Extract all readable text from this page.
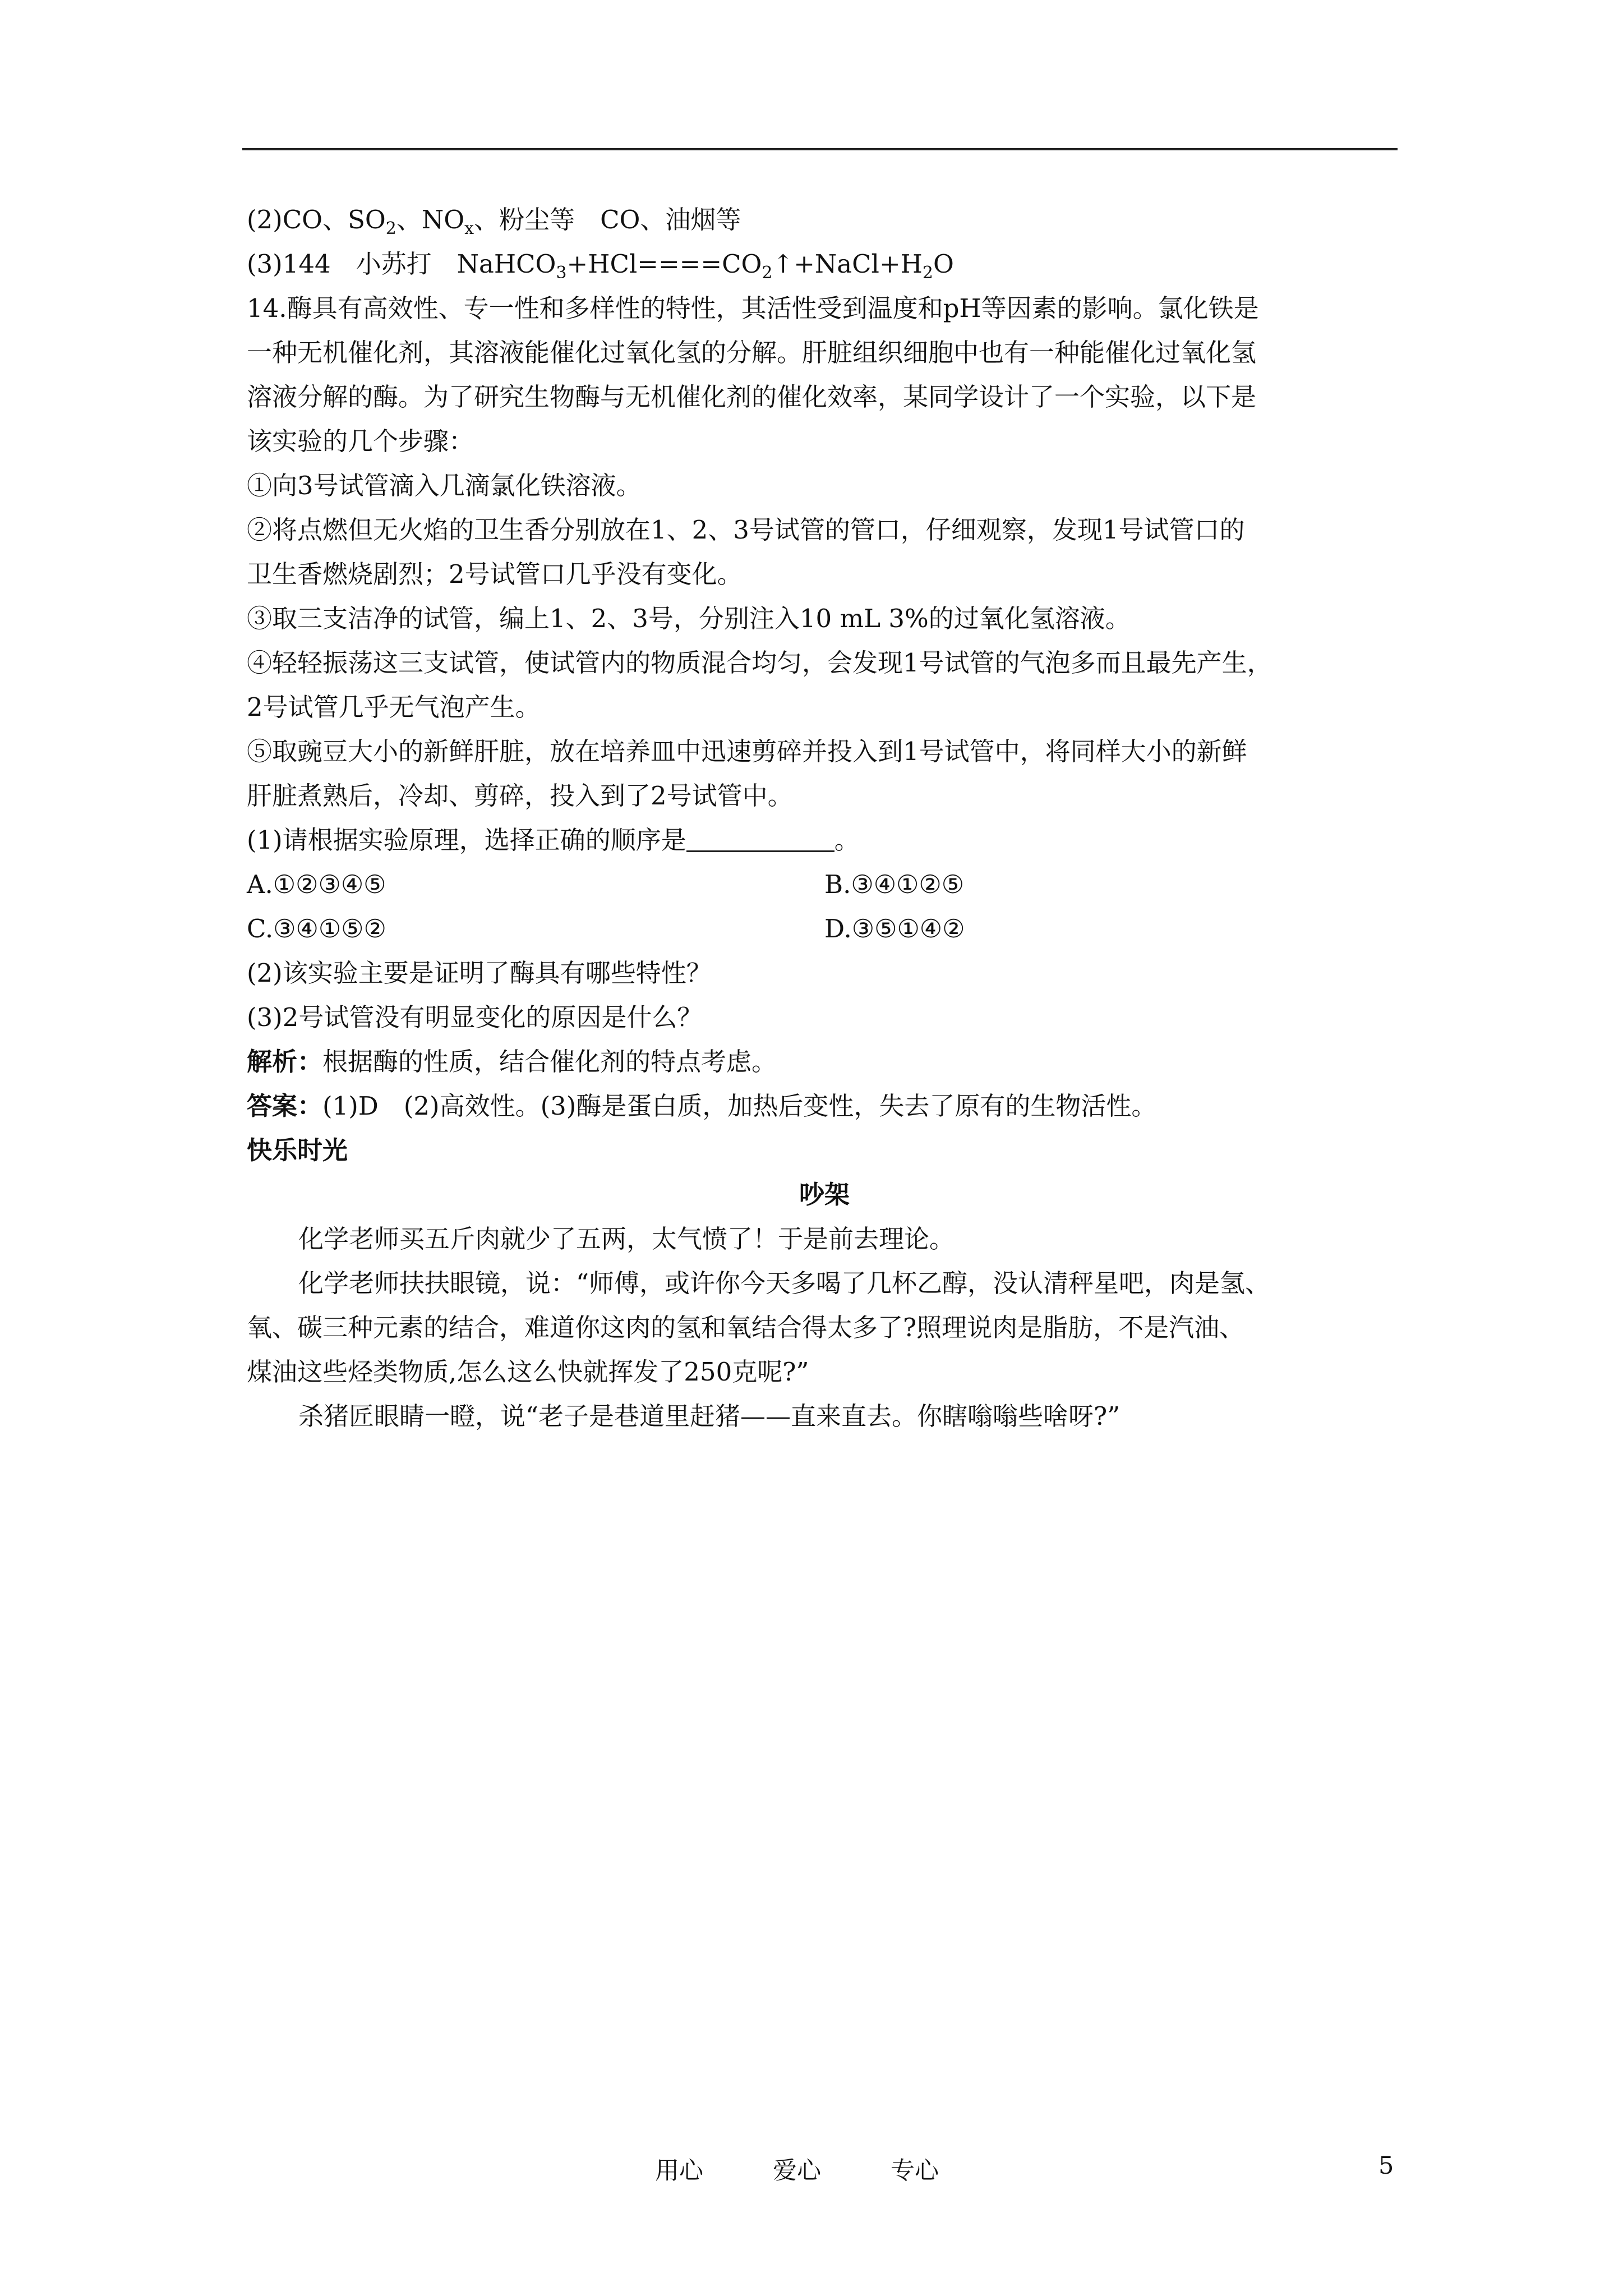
(2)CO、$SO_2$、$NO_x$、粉尘等　CO、油烟等
(3)144　小苏打　$NaHCO_3+HCl====CO_2↑+NaCl+H_2O$
14.酶具有高效性、专一性和多样性的特性，其活性受到温度和pH等因素的影响。氯化铁是
一种无机催化剂，其溶液能催化过氧化氢的分解。肝脏组织细胞中也有一种能催化过氧化氢
溶液分解的酶。为了研究生物酶与无机催化剂的催化效率，某同学设计了一个实验，以下是
该实验的几个步骤：
①向3号试管滴入几滴氯化铁溶液。
②将点燃但无火焰的卫生香分别放在1、2、3号试管的管口，仔细观察，发现1号试管口的
卫生香燃烧剧烈；2号试管口几乎没有变化。
③取三支洁净的试管，编上1、2、3号，分别注入10 mL 3%的过氧化氢溶液。
④轻轻振荡这三支试管，使试管内的物质混合均匀，会发现1号试管的气泡多而且最先产生，
2号试管几乎无气泡产生。
⑤取豌豆大小的新鲜肝脏，放在培养皿中迅速剪碎并投入到1号试管中，将同样大小的新鲜
肝脏煮熟后，冷却、剪碎，投入到了2号试管中。
(1)请根据实验原理，选择正确的顺序是	。
A.①②③④⑤	B.③④①②⑤
C.③④①⑤②	D.③⑤①④②
(2)该实验主要是证明了酶具有哪些特性？
(3)2号试管没有明显变化的原因是什么？
解析：根据酶的性质，结合催化剂的特点考虑。
答案：(1)D　(2)高效性。(3)酶是蛋白质，加热后变性，失去了原有的生物活性。
快乐时光
吵架
化学老师买五斤肉就少了五两，太气愤了！于是前去理论。
化学老师扶扶眼镜，说：“师傅，或许你今天多喝了几杯乙醇，没认清秤星吧，肉是氢、
氧、碳三种元素的结合，难道你这肉的氢和氧结合得太多了?照理说肉是脂肪，不是汽油、
煤油这些烃类物质,怎么这么快就挥发了250克呢?”
杀猪匠眼睛一瞪，说“老子是巷道里赶猪——直来直去。你瞎嗡嗡些啥呀?”
用心	爱心	专心	5
